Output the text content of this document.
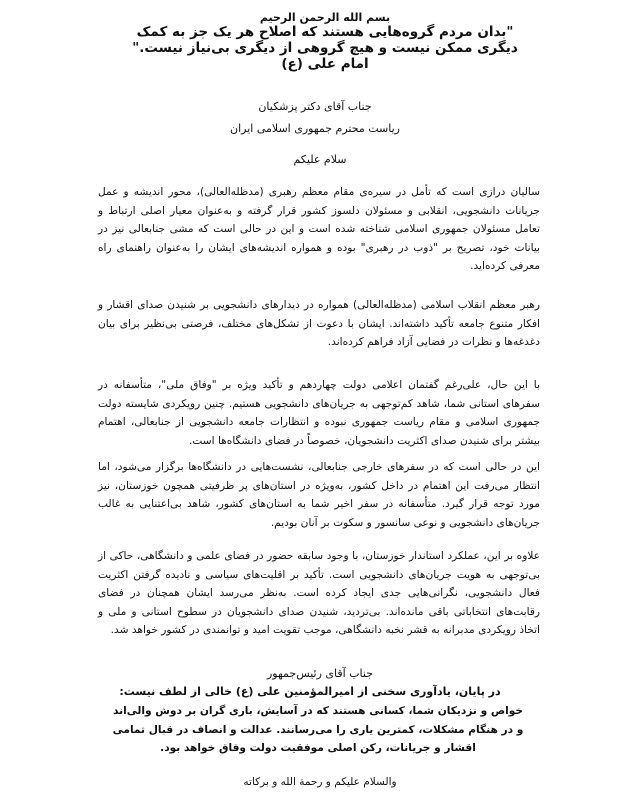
بسم الله الرحمن الرحيم
"بدان مردم گروه‌هایی هستند که اصلاح هر یک جز به کمک دیگری ممکن نیست و هیچ گروهی از دیگری بی‌نیاز نیست."
امام علی (ع)
جناب آقای دکتر پزشکیان
ریاست محترم جمهوری اسلامی ایران
سلام علیکم
سالیان درازی است که تأمل در سیره‌ی مقام معظم رهبری (مدظله‌العالی)، محور اندیشه و عمل جریانات دانشجویی، انقلابی و مسئولان دلسوز کشور قرار گرفته و به‌عنوان معیار اصلی ارتباط و تعامل مسئولان جمهوری اسلامی شناخته شده است و این در حالی است که مشی جنابعالی نیز در بیانات خود، تصریح بر "ذوب در رهبری" بوده و همواره اندیشه‌های ایشان را به‌عنوان راهنمای راه معرفی کرده‌اید.
رهبر معظم انقلاب اسلامی (مدظله‌العالی) همواره در دیدارهای دانشجویی بر شنیدن صدای اقشار و افکار متنوع جامعه تأکید داشته‌اند. ایشان با دعوت از تشکل‌های مختلف، فرصتی بی‌نظیر برای بیان دغدغه‌ها و نظرات در فضایی آزاد فراهم کرده‌اند.
با این حال، علی‌رغم گفتمان اعلامی دولت چهاردهم و تأکید ویژه بر "وفاق ملی"، متأسفانه در سفرهای استانی شما، شاهد کم‌توجهی به جریان‌های دانشجویی هستیم. چنین رویکردی شایسته دولت جمهوری اسلامی و مقام ریاست جمهوری نبوده و انتظارات جامعه دانشجویی از جنابعالی، اهتمام بیشتر برای شنیدن صدای اکثریت دانشجویان، خصوصاً در فضای دانشگاه‌ها است.
این در حالی است که در سفرهای خارجی جنابعالی، نشست‌هایی در دانشگاه‌ها برگزار می‌شود، اما انتظار می‌رفت این اهتمام در داخل کشور، به‌ویژه در استان‌های پر ظرفیتی همچون خوزستان، نیز مورد توجه قرار گیرد. متأسفانه در سفر اخیر شما به استان‌های کشور، شاهد بی‌اعتنایی به غالب جریان‌های دانشجویی و نوعی سانسور و سکوت بر آنان بودیم.
علاوه بر این، عملکرد استاندار خوزستان، با وجود سابقه حضور در فضای علمی و دانشگاهی، حاکی از بی‌توجهی به هویت جریان‌های دانشجویی است. تأکید بر اقلیت‌های سیاسی و نادیده گرفتن اکثریت فعال دانشجویی، نگرانی‌هایی جدی ایجاد کرده است. به‌نظر می‌رسد ایشان همچنان در فضای رقابت‌های انتخاباتی باقی مانده‌اند. بی‌تردید، شنیدن صدای دانشجویان در سطوح استانی و ملی و اتخاذ رویکردی مدبرانه به قشر نخبه دانشگاهی، موجب تقویت امید و توانمندی در کشور خواهد شد.
جناب آقای رئیس‌جمهور
در پایان، یادآوری سخنی از امیرالمؤمنین علی (ع) خالی از لطف نیست:
خواص و نزدیکان شما، کسانی هستند که در آسایش، باری گران بر دوش والی‌اند و در هنگام مشکلات، کمترین یاری را می‌رسانند. عدالت و انصاف در قبال تمامی اقشار و جریانات، رکن اصلی موفقیت دولت وفاق خواهد بود.
والسلام علیکم و رحمة الله و برکاته
